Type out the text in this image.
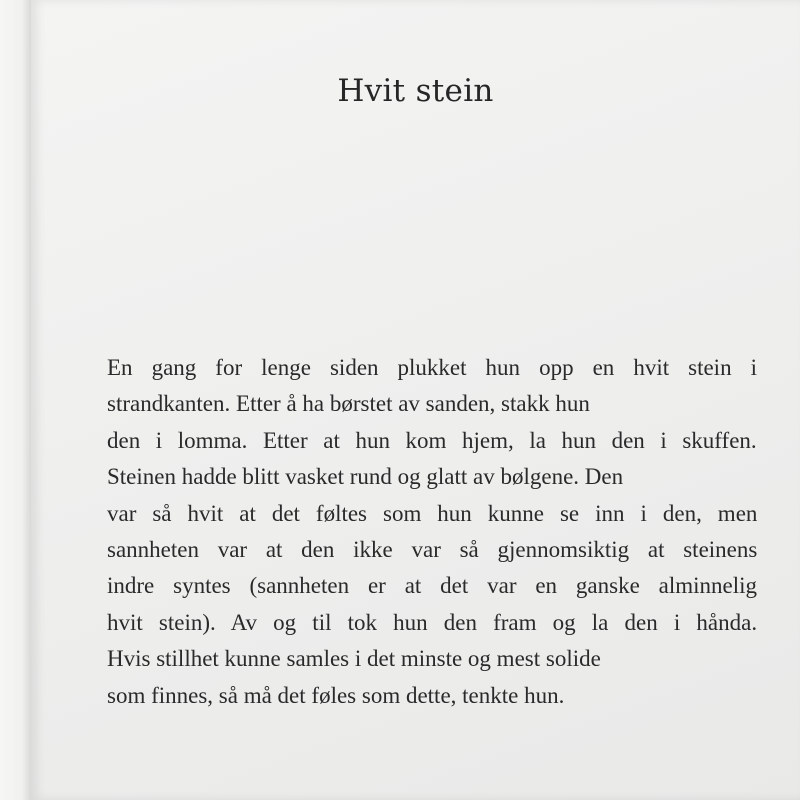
Hvit stein
En gang for lenge siden plukket hun opp en hvit stein i
strandkanten. Etter å ha børstet av sanden, stakk hun
den i lomma. Etter at hun kom hjem, la hun den i skuffen.
Steinen hadde blitt vasket rund og glatt av bølgene. Den
var så hvit at det føltes som hun kunne se inn i den, men
sannheten var at den ikke var så gjennomsiktig at steinens
indre syntes (sannheten er at det var en ganske alminnelig
hvit stein). Av og til tok hun den fram og la den i hånda.
Hvis stillhet kunne samles i det minste og mest solide
som finnes, så må det føles som dette, tenkte hun.
